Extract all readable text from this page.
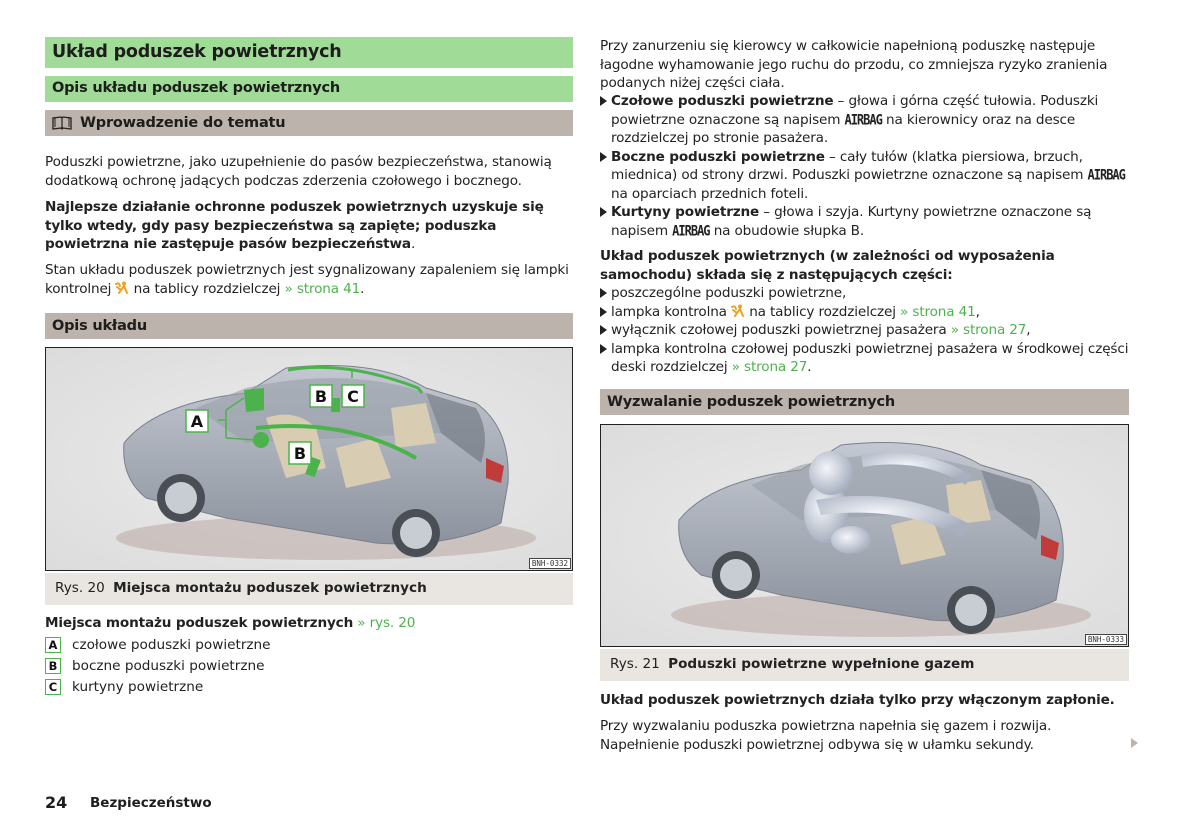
Układ poduszek powietrznych
Opis układu poduszek powietrznych
Wprowadzenie do tematu
Poduszki powietrzne, jako uzupełnienie do pasów bezpieczeństwa, stanowią dodatkową ochronę jadących podczas zderzenia czołowego i bocznego.
Najlepsze działanie ochronne poduszek powietrznych uzyskuje się tylko wtedy, gdy pasy bezpieczeństwa są zapięte; poduszka powietrzna nie zastępuje pasów bezpieczeństwa.
Stan układu poduszek powietrznych jest sygnalizowany zapaleniem się lampki kontrolnej na tablicy rozdzielczej » strona 41.
Opis układu
A
B C
B
BNH-0332
Rys. 20 Miejsca montażu poduszek powietrznych
Miejsca montażu poduszek powietrznych » rys. 20
A czołowe poduszki powietrzne
B boczne poduszki powietrzne
C kurtyny powietrzne
Przy zanurzeniu się kierowcy w całkowicie napełnioną poduszkę następuje łagodne wyhamowanie jego ruchu do przodu, co zmniejsza ryzyko zranienia podanych niżej części ciała.
Czołowe poduszki powietrzne – głowa i górna część tułowia. Poduszki powietrzne oznaczone są napisem AIRBAG na kierownicy oraz na desce rozdzielczej po stronie pasażera.
Boczne poduszki powietrzne – cały tułów (klatka piersiowa, brzuch, miednica) od strony drzwi. Poduszki powietrzne oznaczone są napisem AIRBAG na oparciach przednich foteli.
Kurtyny powietrzne – głowa i szyja. Kurtyny powietrzne oznaczone są napisem AIRBAG na obudowie słupka B.
Układ poduszek powietrznych (w zależności od wyposażenia samochodu) składa się z następujących części:
poszczególne poduszki powietrzne,
lampka kontrolna na tablicy rozdzielczej » strona 41,
wyłącznik czołowej poduszki powietrznej pasażera » strona 27,
lampka kontrolna czołowej poduszki powietrznej pasażera w środkowej części deski rozdzielczej » strona 27.
Wyzwalanie poduszek powietrznych
BNH-0333
Rys. 21 Poduszki powietrzne wypełnione gazem
Układ poduszek powietrznych działa tylko przy włączonym zapłonie.
Przy wyzwalaniu poduszka powietrzna napełnia się gazem i rozwija. Napełnienie poduszki powietrznej odbywa się w ułamku sekundy.
24 Bezpieczeństwo
